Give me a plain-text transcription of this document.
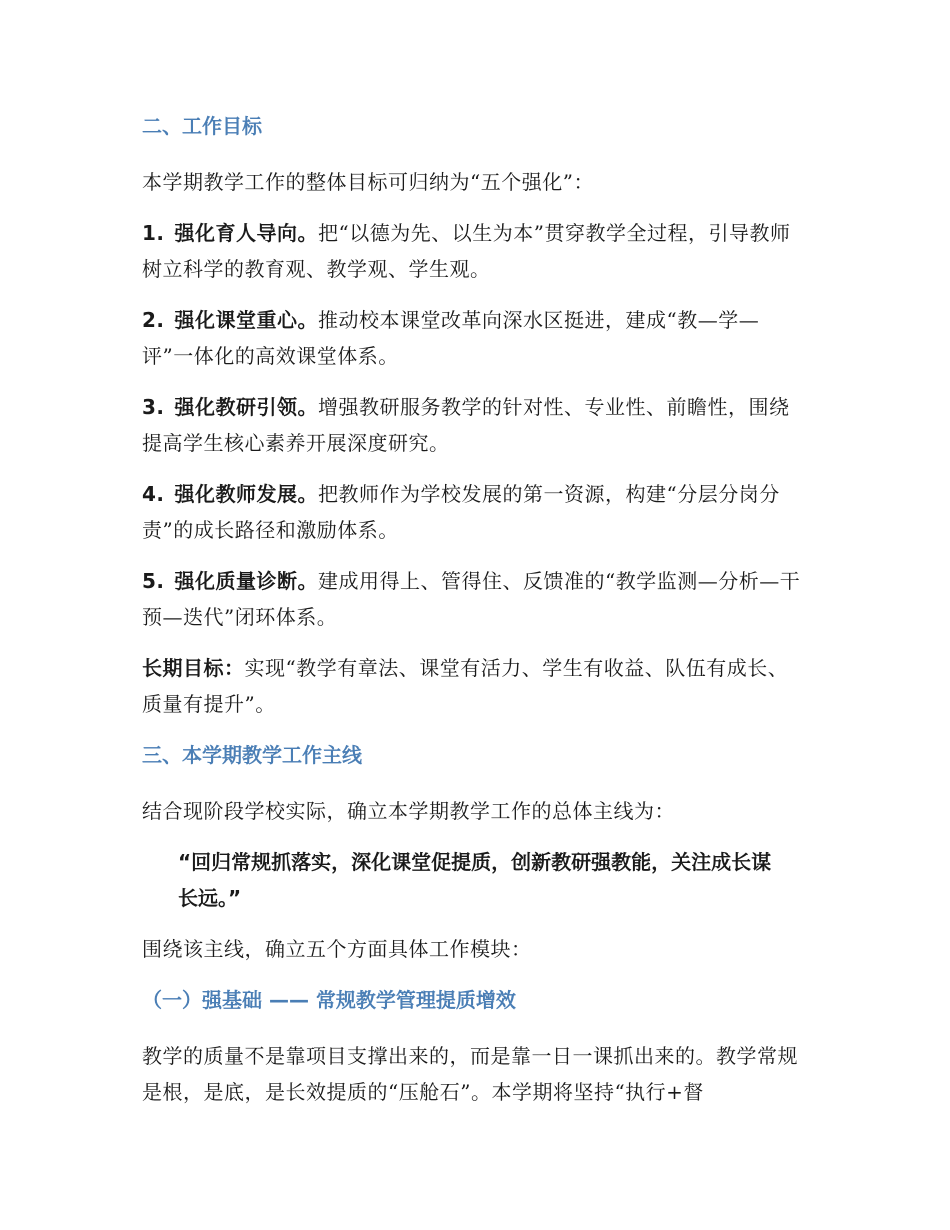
二、工作目标

本学期教学工作的整体目标可归纳为“五个强化”：

1. 强化育人导向。把“以德为先、以生为本”贯穿教学全过程，引导教师树立科学的教育观、教学观、学生观。

2. 强化课堂重心。推动校本课堂改革向深水区挺进，建成“教—学—评”一体化的高效课堂体系。

3. 强化教研引领。增强教研服务教学的针对性、专业性、前瞻性，围绕提高学生核心素养开展深度研究。

4. 强化教师发展。把教师作为学校发展的第一资源，构建“分层分岗分责”的成长路径和激励体系。

5. 强化质量诊断。建成用得上、管得住、反馈准的“教学监测—分析—干预—迭代”闭环体系。

长期目标：实现“教学有章法、课堂有活力、学生有收益、队伍有成长、质量有提升”。

三、本学期教学工作主线

结合现阶段学校实际，确立本学期教学工作的总体主线为：

“回归常规抓落实，深化课堂促提质，创新教研强教能，关注成长谋长远。”

围绕该主线，确立五个方面具体工作模块：

（一）强基础 —— 常规教学管理提质增效

教学的质量不是靠项目支撑出来的，而是靠一日一课抓出来的。教学常规是根，是底，是长效提质的“压舱石”。本学期将坚持“执行+督
